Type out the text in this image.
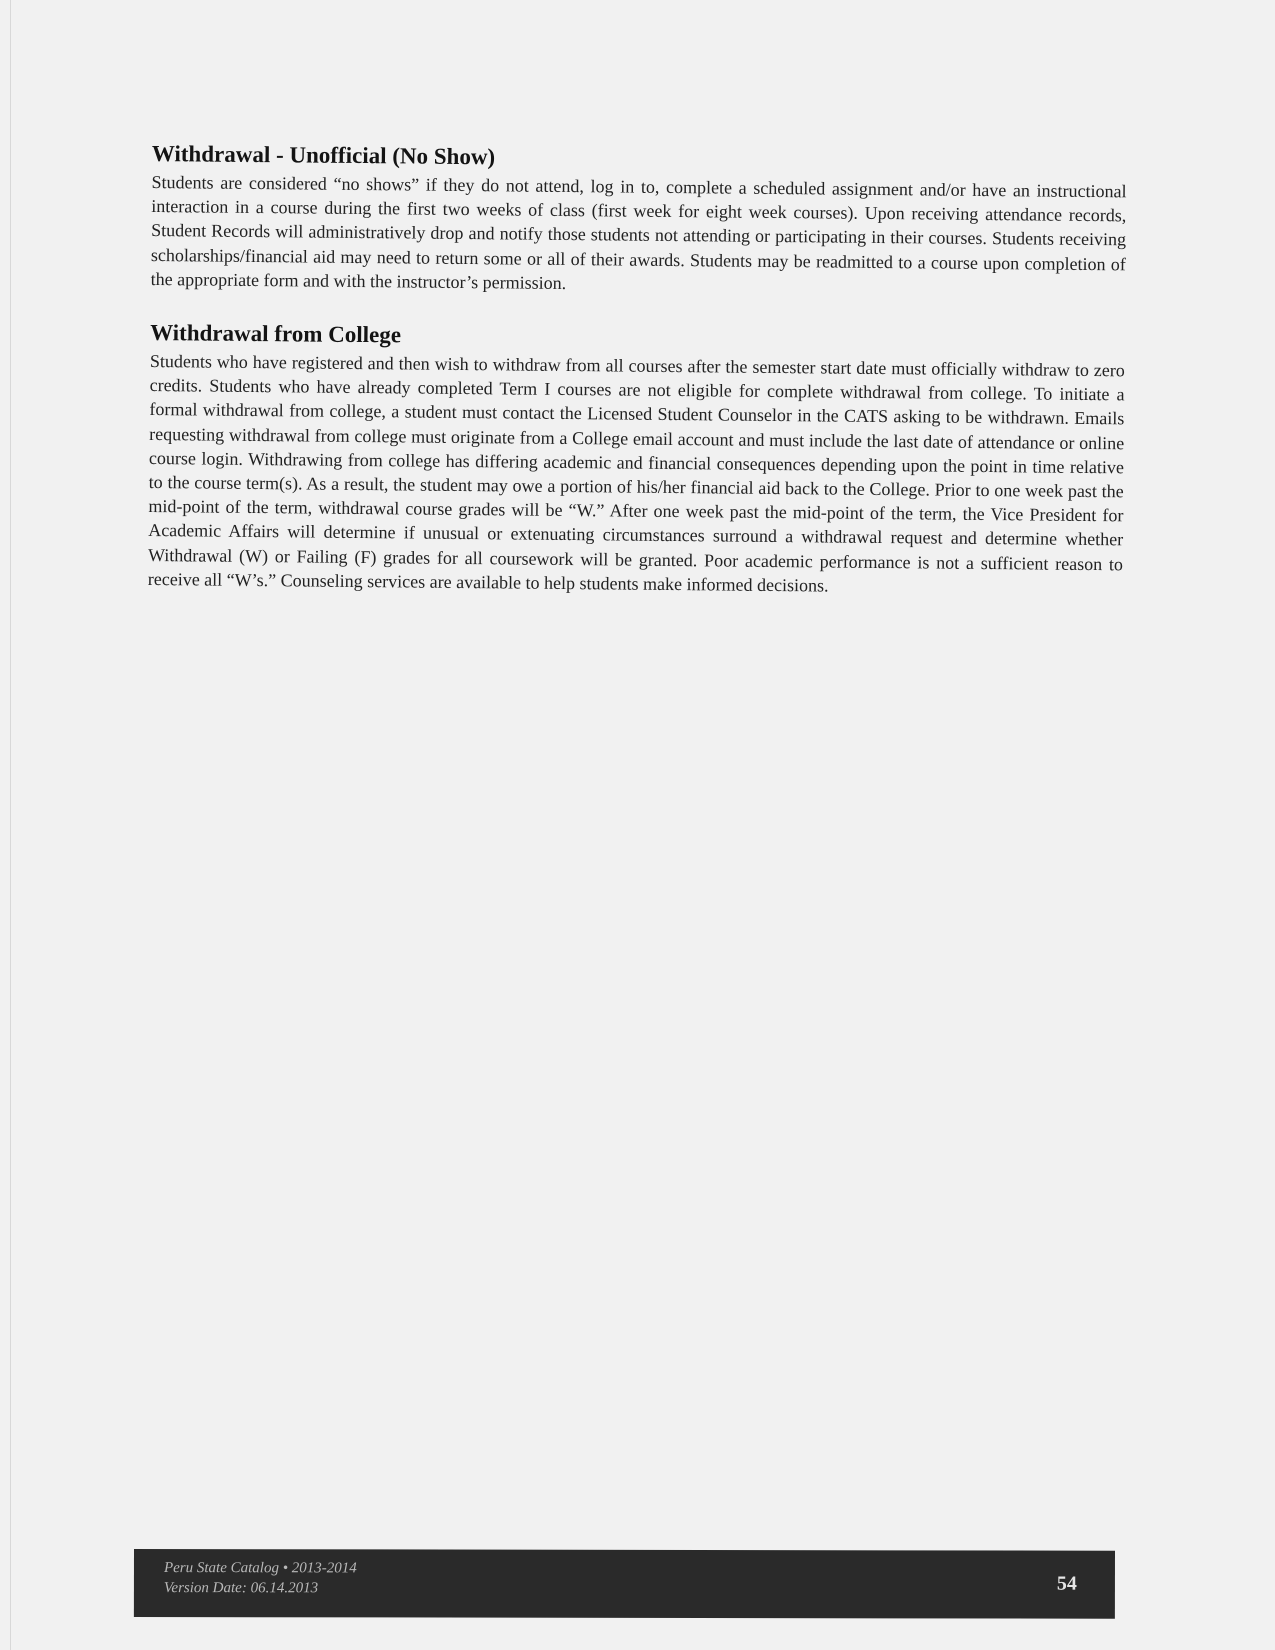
Withdrawal - Unofficial (No Show)

Students are considered “no shows” if they do not attend, log in to, complete a scheduled assignment and/or have an instructional interaction in a course during the first two weeks of class (first week for eight week courses). Upon receiving attendance records, Student Records will administratively drop and notify those students not attending or participating in their courses. Students receiving scholarships/financial aid may need to return some or all of their awards. Students may be readmitted to a course upon completion of the appropriate form and with the instructor’s permission.

Withdrawal from College

Students who have registered and then wish to withdraw from all courses after the semester start date must officially withdraw to zero credits. Students who have already completed Term I courses are not eligible for complete withdrawal from college. To initiate a formal withdrawal from college, a student must contact the Licensed Student Counselor in the CATS asking to be withdrawn. Emails requesting withdrawal from college must originate from a College email account and must include the last date of attendance or online course login. Withdrawing from college has differing academic and financial consequences depending upon the point in time relative to the course term(s). As a result, the student may owe a portion of his/her financial aid back to the College. Prior to one week past the mid-point of the term, withdrawal course grades will be “W.” After one week past the mid-point of the term, the Vice President for Academic Affairs will determine if unusual or extenuating circumstances surround a withdrawal request and determine whether Withdrawal (W) or Failing (F) grades for all coursework will be granted. Poor academic performance is not a sufficient reason to receive all “W’s.” Counseling services are available to help students make informed decisions.

Peru State Catalog • 2013-2014
Version Date: 06.14.2013	54
